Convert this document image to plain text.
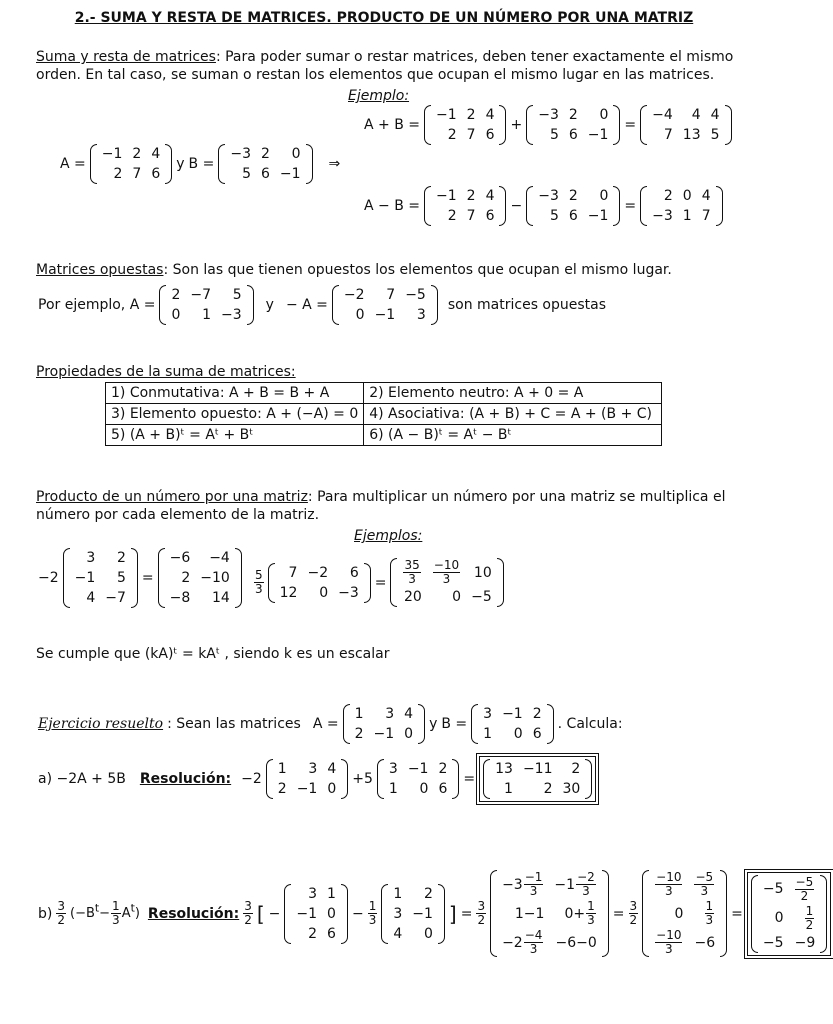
2.- SUMA Y RESTA DE MATRICES. PRODUCTO DE UN NÚMERO POR UNA MATRIZ
Suma y resta de matrices: Para poder sumar o restar matrices, deben tener exactamente el mismo orden. En tal caso, se suman o restan los elementos que ocupan el mismo lugar en las matrices.
Ejemplo:
A =
−1	2	4
2	7	6
y B =
−3	2	0
5	6	−1
⇒
A + B =
−1	2	4
2	7	6
+
−3	2	0
5	6	−1
=
−4	4	4
7	13	5
A − B =
−1	2	4
2	7	6
−
−3	2	0
5	6	−1
=
2	0	4
−3	1	7
Matrices opuestas: Son las que tienen opuestos los elementos que ocupan el mismo lugar.
Por ejemplo, A =
2	−7	5
0	1	−3
y − A =
−2	7	−5
0	−1	3
son matrices opuestas
Propiedades de la suma de matrices:
1) Conmutativa: A + B = B + A	2) Elemento neutro: A + 0 = A
3) Elemento opuesto: A + (−A) = 0	4) Asociativa: (A + B) + C = A + (B + C)
5) (A + B)ᵗ = Aᵗ + Bᵗ	6) (A − B)ᵗ = Aᵗ − Bᵗ
Producto de un número por una matriz: Para multiplicar un número por una matriz se multiplica el número por cada elemento de la matriz.
Ejemplos:
−2
3	2
−1	5
4	−7
=
−6	−4
2	−10
−8	14
$\frac{5}{3} 7$	−2	6
12	0	−3
= $\frac{35}{3}$	$\frac{-10}{3}$	10
20	0	−5
Se cumple que (kA)ᵗ = kAᵗ , siendo k es un escalar
Ejercicio resuelto : Sean las matrices A =
1	3	4
2	−1	0
y B =
3	−1	2
1	0	6
. Calcula:
a) −2A + 5B Resolución: −2
1	3	4
2	−1	0
+5
3	−1	2
1	0	6
=
13	−11	2
1	2	30
$b) \frac{3}{2} (-B^t- \frac{1}{3} A^t)$ Resolución: $\frac{3}{2}$ [ −
3	1
−1	0
2	6
− $\frac{1}{3}$
1	2
3	−1
4	0
] = $\frac{3}{2}$
$-3 \frac{-1}{3}$	$-1 \frac{-2}{3}$

1−1	$0+ \frac{1}{3}$

$-2 \frac{-4}{3}$	−6−0
= $\frac{3}{2}$
$\frac{-10}{3}$	$\frac{-5}{3}$

0	$\frac{1}{3}$

$\frac{-10}{3}$	−6
=
−5	$\frac{-5}{2}$

0	$\frac{1}{2}$

−5	−9
